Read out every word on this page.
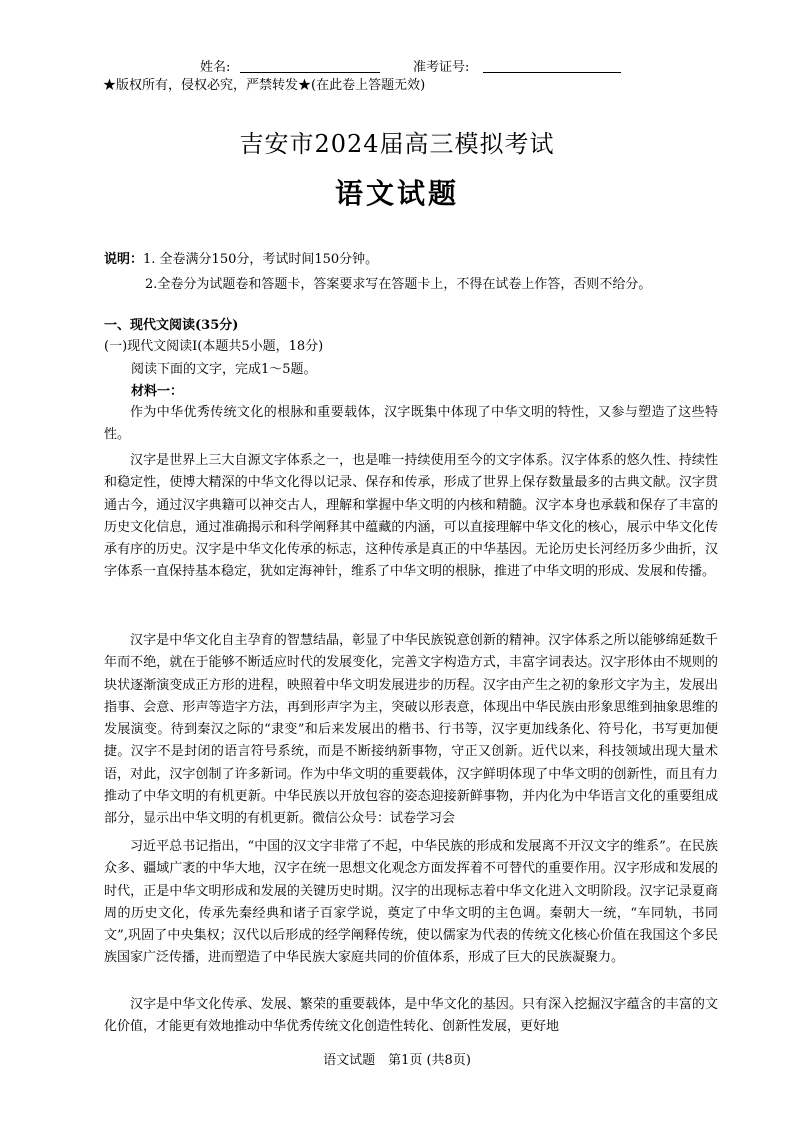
姓名:	准考证号:
★版权所有，侵权必究，严禁转发★(在此卷上答题无效)
吉安市2024届高三模拟考试
语文试题
说明：1. 全卷满分150分，考试时间150分钟。
2.全卷分为试题卷和答题卡，答案要求写在答题卡上，不得在试卷上作答，否则不给分。
一、现代文阅读(35分)
(一)现代文阅读Ⅰ(本题共5小题，18分)
阅读下面的文字，完成1～5题。
材料一：

作为中华优秀传统文化的根脉和重要载体，汉字既集中体现了中华文明的特性，又参与塑造了这些特性。

汉字是世界上三大自源文字体系之一，也是唯一持续使用至今的文字体系。汉字体系的悠久性、持续性和稳定性，使博大精深的中华文化得以记录、保存和传承，形成了世界上保存数量最多的古典文献。汉字贯通古今，通过汉字典籍可以神交古人，理解和掌握中华文明的内核和精髓。汉字本身也承载和保存了丰富的历史文化信息，通过准确揭示和科学阐释其中蕴藏的内涵，可以直接理解中华文化的核心，展示中华文化传承有序的历史。汉字是中华文化传承的标志，这种传承是真正的中华基因。无论历史长河经历多少曲折，汉字体系一直保持基本稳定，犹如定海神针，维系了中华文明的根脉，推进了中华文明的形成、发展和传播。

汉字是中华文化自主孕育的智慧结晶，彰显了中华民族锐意创新的精神。汉字体系之所以能够绵延数千年而不绝，就在于能够不断适应时代的发展变化，完善文字构造方式，丰富字词表达。汉字形体由不规则的块状逐渐演变成正方形的进程，映照着中华文明发展进步的历程。汉字由产生之初的象形文字为主，发展出指事、会意、形声等造字方法，再到形声字为主，突破以形表意，体现出中华民族由形象思维到抽象思维的发展演变。待到秦汉之际的“隶变”和后来发展出的楷书、行书等，汉字更加线条化、符号化，书写更加便捷。汉字不是封闭的语言符号系统，而是不断接纳新事物，守正又创新。近代以来，科技领域出现大量术语，对此，汉字创制了许多新词。作为中华文明的重要载体，汉字鲜明体现了中华文明的创新性，而且有力推动了中华文明的有机更新。中华民族以开放包容的姿态迎接新鲜事物，并内化为中华语言文化的重要组成部分，显示出中华文明的有机更新。微信公众号：试卷学习会

习近平总书记指出，“中国的汉文字非常了不起，中华民族的形成和发展离不开汉文字的维系”。在民族众多、疆域广袤的中华大地，汉字在统一思想文化观念方面发挥着不可替代的重要作用。汉字形成和发展的时代，正是中华文明形成和发展的关键历史时期。汉字的出现标志着中华文化进入文明阶段。汉字记录夏商周的历史文化，传承先秦经典和诸子百家学说，奠定了中华文明的主色调。秦朝大一统，“车同轨，书同文”,巩固了中央集权；汉代以后形成的经学阐释传统，使以儒家为代表的传统文化核心价值在我国这个多民族国家广泛传播，进而塑造了中华民族大家庭共同的价值体系，形成了巨大的民族凝聚力。

汉字是中华文化传承、发展、繁荣的重要载体，是中华文化的基因。只有深入挖掘汉字蕴含的丰富的文化价值，才能更有效地推动中华优秀传统文化创造性转化、创新性发展，更好地

语文试题　第1页 (共8页)
